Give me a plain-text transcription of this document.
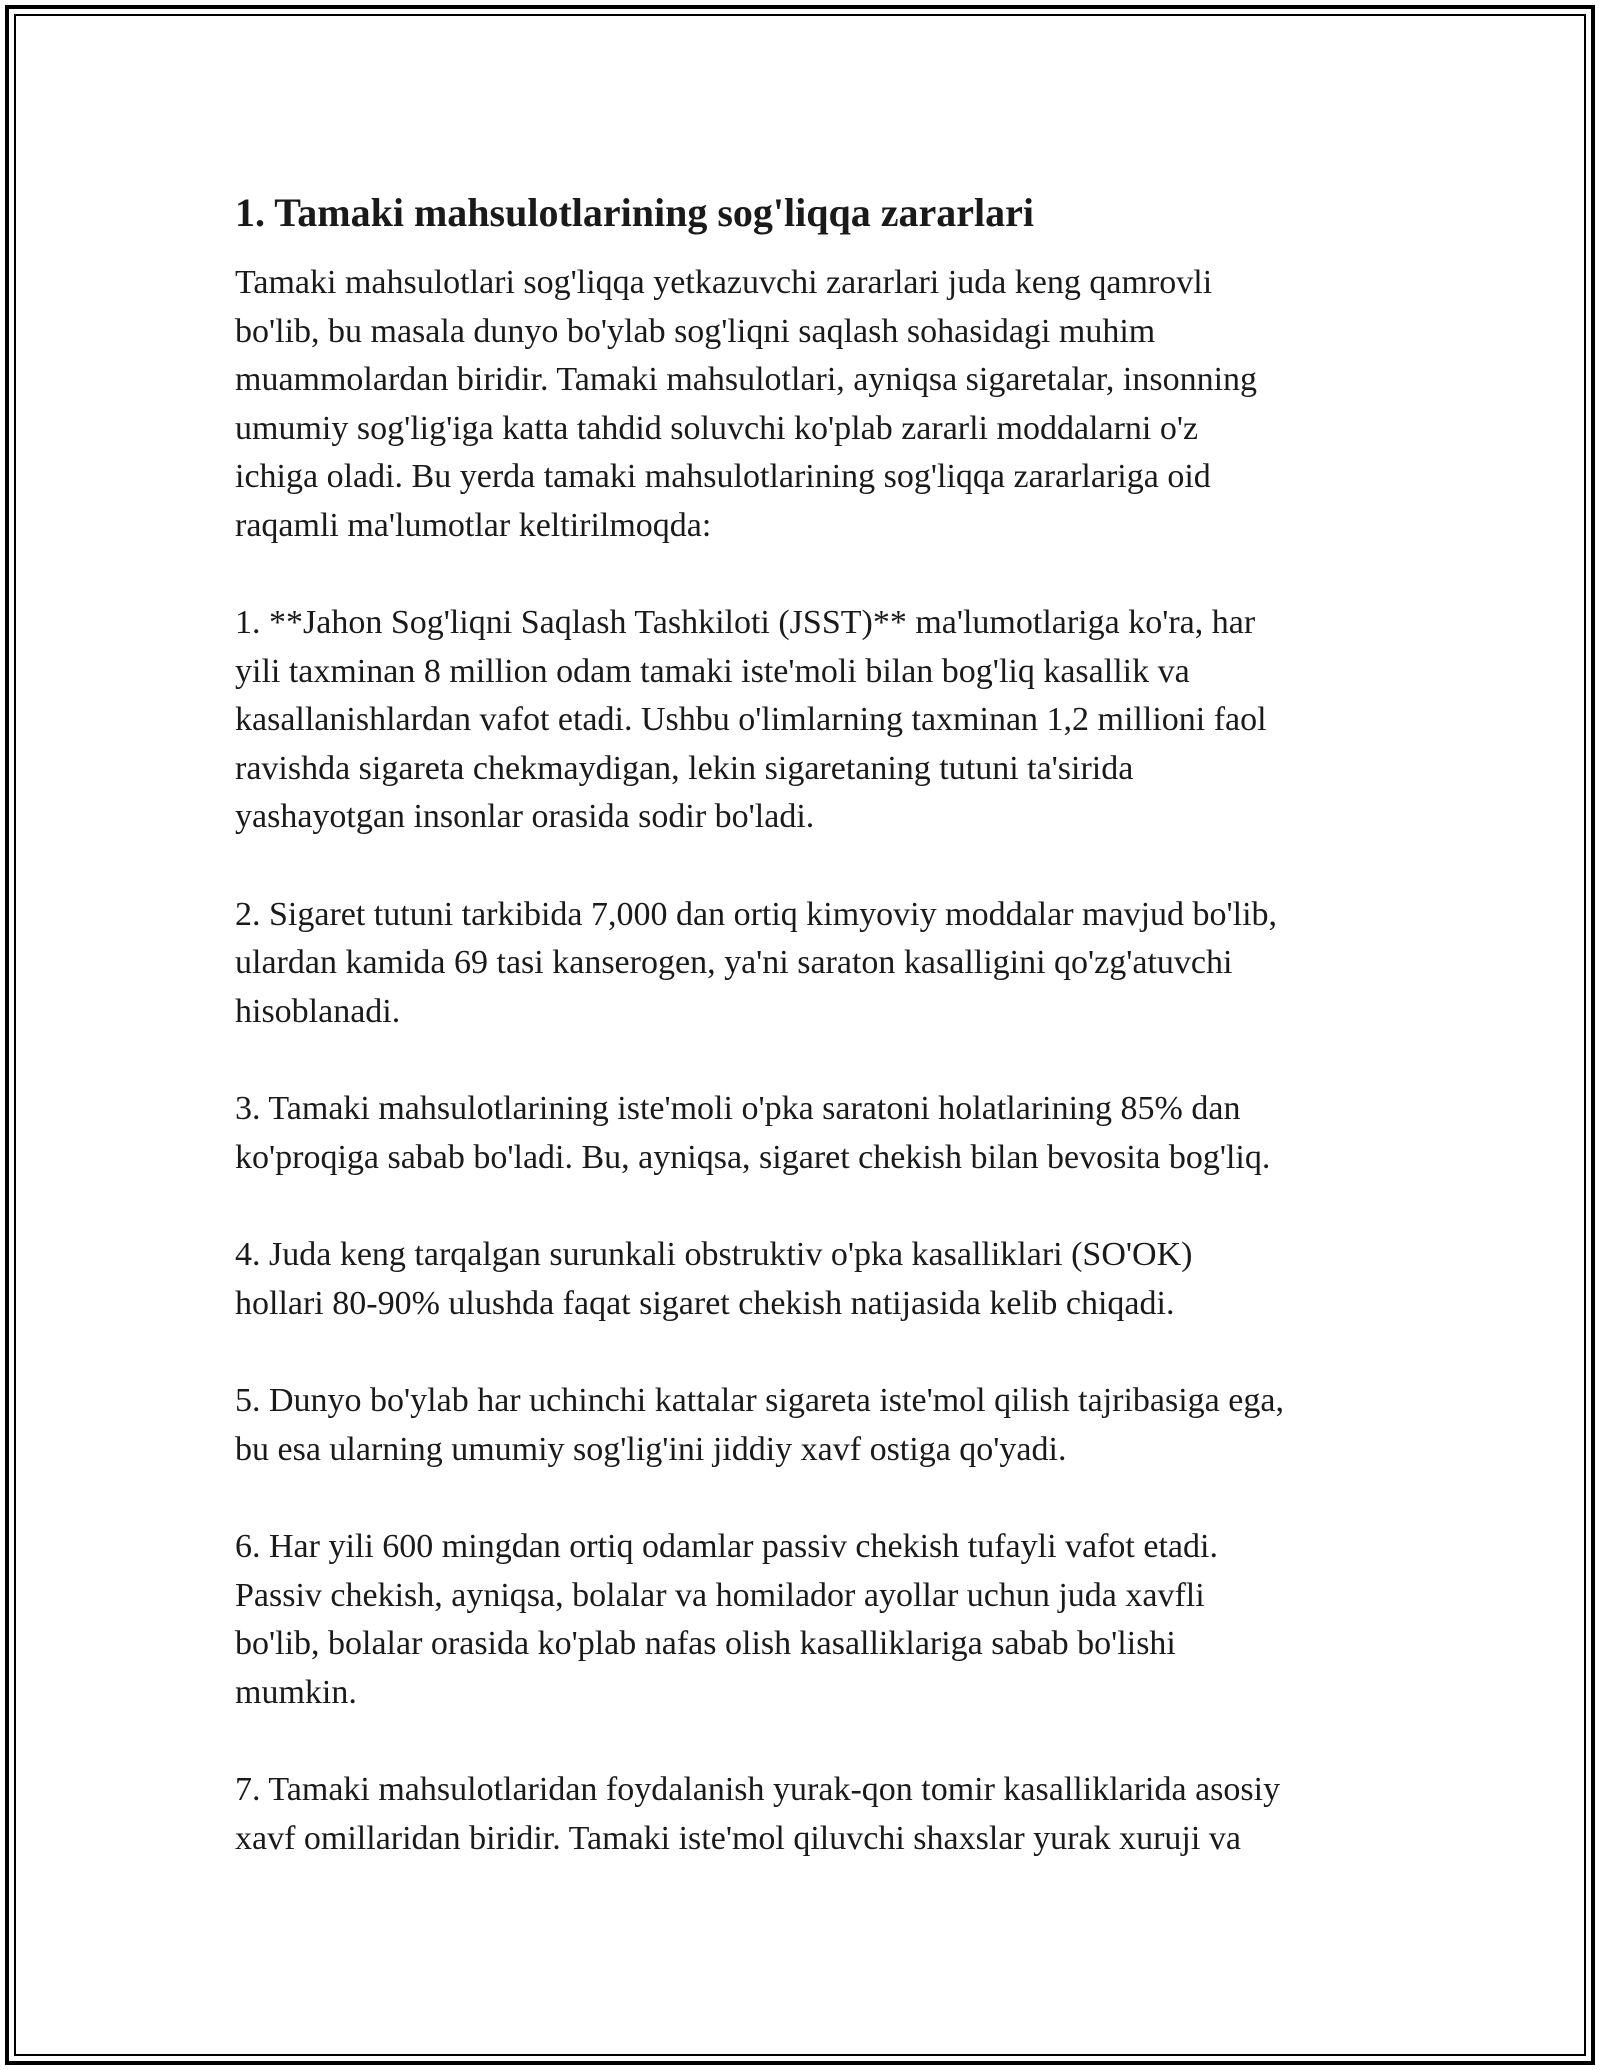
1. Tamaki mahsulotlarining sog'liqqa zararlari

Tamaki mahsulotlari sog'liqqa yetkazuvchi zararlari juda keng qamrovli
bo'lib, bu masala dunyo bo'ylab sog'liqni saqlash sohasidagi muhim
muammolardan biridir. Tamaki mahsulotlari, ayniqsa sigaretalar, insonning
umumiy sog'lig'iga katta tahdid soluvchi ko'plab zararli moddalarni o'z
ichiga oladi. Bu yerda tamaki mahsulotlarining sog'liqqa zararlariga oid
raqamli ma'lumotlar keltirilmoqda:

1. **Jahon Sog'liqni Saqlash Tashkiloti (JSST)** ma'lumotlariga ko'ra, har
yili taxminan 8 million odam tamaki iste'moli bilan bog'liq kasallik va
kasallanishlardan vafot etadi. Ushbu o'limlarning taxminan 1,2 millioni faol
ravishda sigareta chekmaydigan, lekin sigaretaning tutuni ta'sirida
yashayotgan insonlar orasida sodir bo'ladi.

2. Sigaret tutuni tarkibida 7,000 dan ortiq kimyoviy moddalar mavjud bo'lib,
ulardan kamida 69 tasi kanserogen, ya'ni saraton kasalligini qo'zg'atuvchi
hisoblanadi.

3. Tamaki mahsulotlarining iste'moli o'pka saratoni holatlarining 85% dan
ko'proqiga sabab bo'ladi. Bu, ayniqsa, sigaret chekish bilan bevosita bog'liq.

4. Juda keng tarqalgan surunkali obstruktiv o'pka kasalliklari (SO'OK)
hollari 80-90% ulushda faqat sigaret chekish natijasida kelib chiqadi.

5. Dunyo bo'ylab har uchinchi kattalar sigareta iste'mol qilish tajribasiga ega,
bu esa ularning umumiy sog'lig'ini jiddiy xavf ostiga qo'yadi.

6. Har yili 600 mingdan ortiq odamlar passiv chekish tufayli vafot etadi.
Passiv chekish, ayniqsa, bolalar va homilador ayollar uchun juda xavfli
bo'lib, bolalar orasida ko'plab nafas olish kasalliklariga sabab bo'lishi
mumkin.

7. Tamaki mahsulotlaridan foydalanish yurak-qon tomir kasalliklarida asosiy
xavf omillaridan biridir. Tamaki iste'mol qiluvchi shaxslar yurak xuruji va
